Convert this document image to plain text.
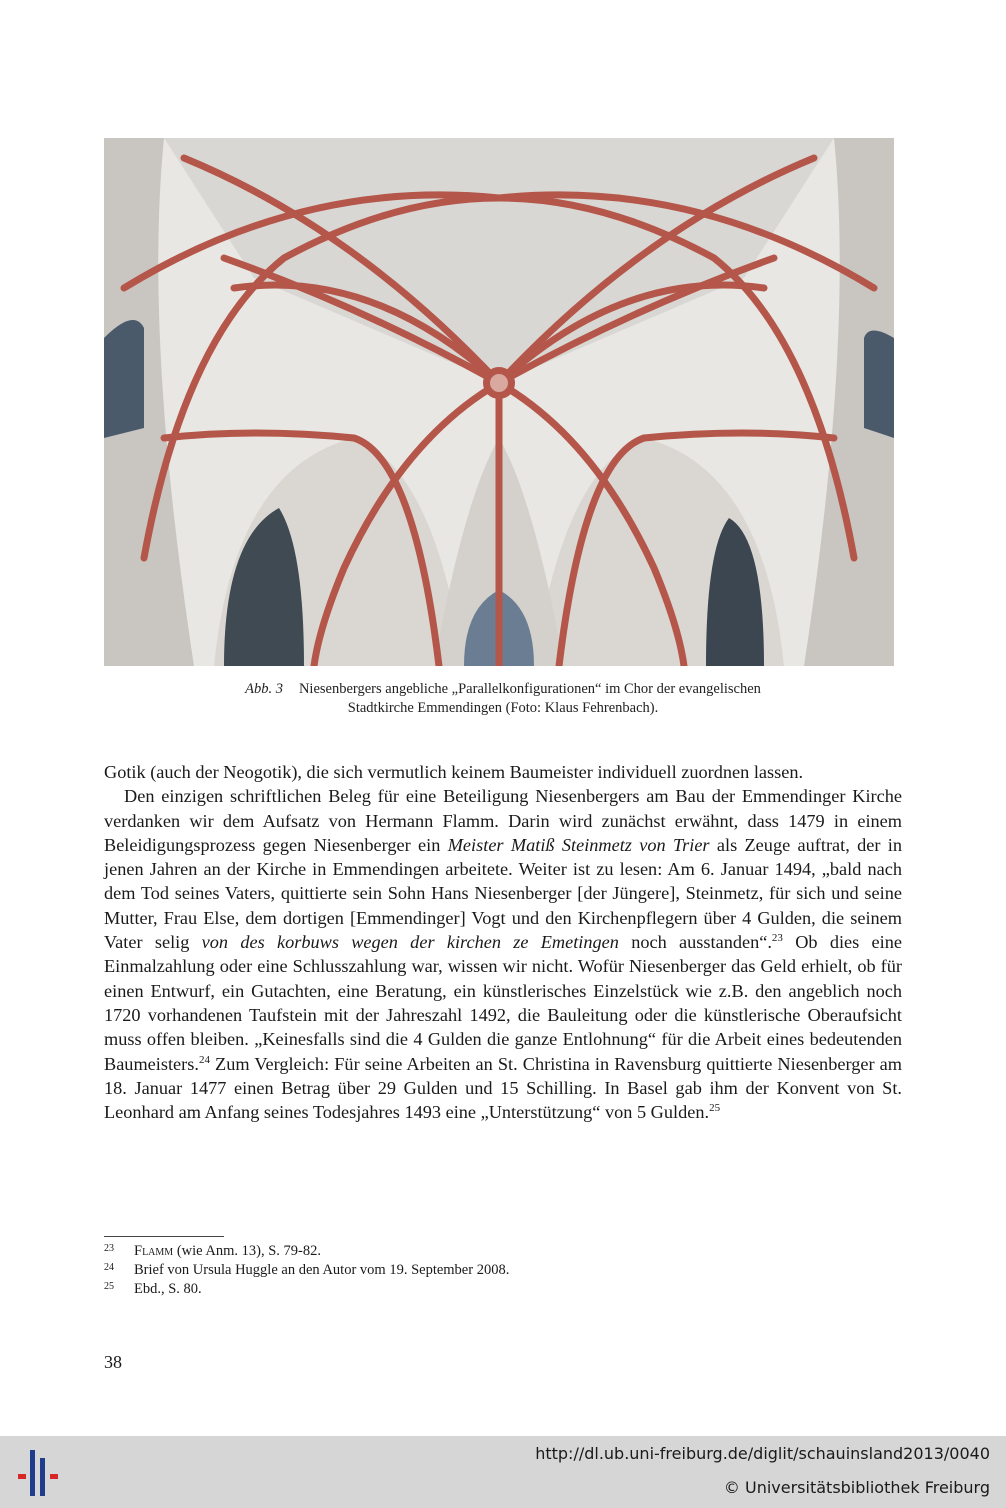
Abb. 3 Niesenbergers angebliche „Parallelkonfigurationen“ im Chor der evangelischen
Stadtkirche Emmendingen (Foto: Klaus Fehrenbach).

Gotik (auch der Neogotik), die sich vermutlich keinem Baumeister individuell zuordnen lassen.

Den einzigen schriftlichen Beleg für eine Beteiligung Niesenbergers am Bau der Emmendinger Kirche verdanken wir dem Aufsatz von Hermann Flamm. Darin wird zunächst erwähnt, dass 1479 in einem Beleidigungsprozess gegen Niesenberger ein Meister Matiß Steinmetz von Trier als Zeuge auftrat, der in jenen Jahren an der Kirche in Emmendingen arbeitete. Weiter ist zu lesen: Am 6. Januar 1494, „bald nach dem Tod seines Vaters, quittierte sein Sohn Hans Niesenberger [der Jüngere], Steinmetz, für sich und seine Mutter, Frau Else, dem dortigen [Emmendinger] Vogt und den Kirchenpflegern über 4 Gulden, die seinem Vater selig von des korbuws wegen der kirchen ze Emetingen noch ausstanden“.$^{23}$ Ob dies eine Einmalzahlung oder eine Schlusszahlung war, wissen wir nicht. Wofür Niesenberger das Geld erhielt, ob für einen Entwurf, ein Gutachten, eine Beratung, ein künstlerisches Einzelstück wie z.B. den angeblich noch 1720 vorhandenen Taufstein mit der Jahreszahl 1492, die Bauleitung oder die künstlerische Oberaufsicht muss offen bleiben. „Keinesfalls sind die 4 Gulden die ganze Entlohnung“ für die Arbeit eines bedeutenden Baumeisters.$^{24}$ Zum Vergleich: Für seine Arbeiten an St. Christina in Ravensburg quittierte Niesenberger am 18. Januar 1477 einen Betrag über 29 Gulden und 15 Schilling. In Basel gab ihm der Konvent von St. Leonhard am Anfang seines Todesjahres 1493 eine „Unterstützung“ von 5 Gulden.$^{25}$

23	Flamm (wie Anm. 13), S. 79-82.
24	Brief von Ursula Huggle an den Autor vom 19. September 2008.
25	Ebd., S. 80.
38
http://dl.ub.uni-freiburg.de/diglit/schauinsland2013/0040
© Universitätsbibliothek Freiburg
